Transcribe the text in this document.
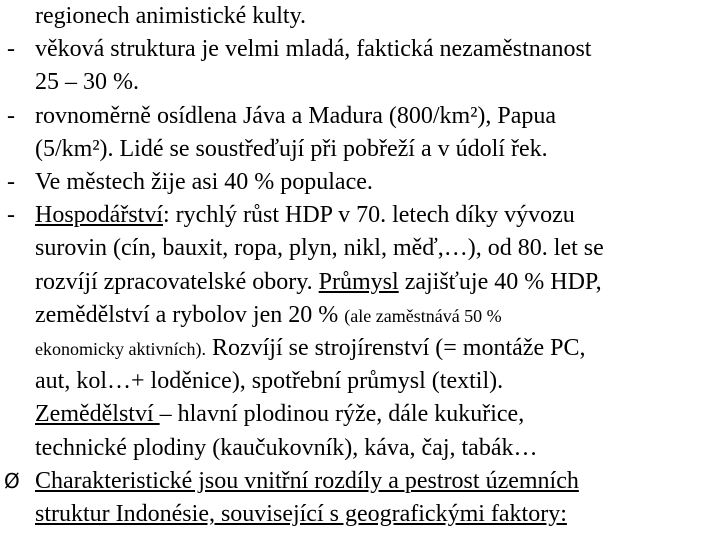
regionech animistické kulty.
- věková struktura je velmi mladá, faktická nezaměstnanost
25 – 30 %.
- rovnoměrně osídlena Jáva a Madura (800/km²), Papua
(5/km²). Lidé se soustřeďují při pobřeží a v údolí řek.
- Ve městech žije asi 40 % populace.
- Hospodářství: rychlý růst HDP v 70. letech díky vývozu
surovin (cín, bauxit, ropa, plyn, nikl, měď,…), od 80. let se
rozvíjí zpracovatelské obory. Průmysl zajišťuje 40 % HDP,
zemědělství a rybolov jen 20 % (ale zaměstnává 50 %
ekonomicky aktivních). Rozvíjí se strojírenství (= montáže PC,
aut, kol…+ loděnice), spotřební průmysl (textil).
Zemědělství – hlavní plodinou rýže, dále kukuřice,
technické plodiny (kaučukovník), káva, čaj, tabák…
Ø Charakteristické jsou vnitřní rozdíly a pestrost územních
struktur Indonésie, související s geografickými faktory:
